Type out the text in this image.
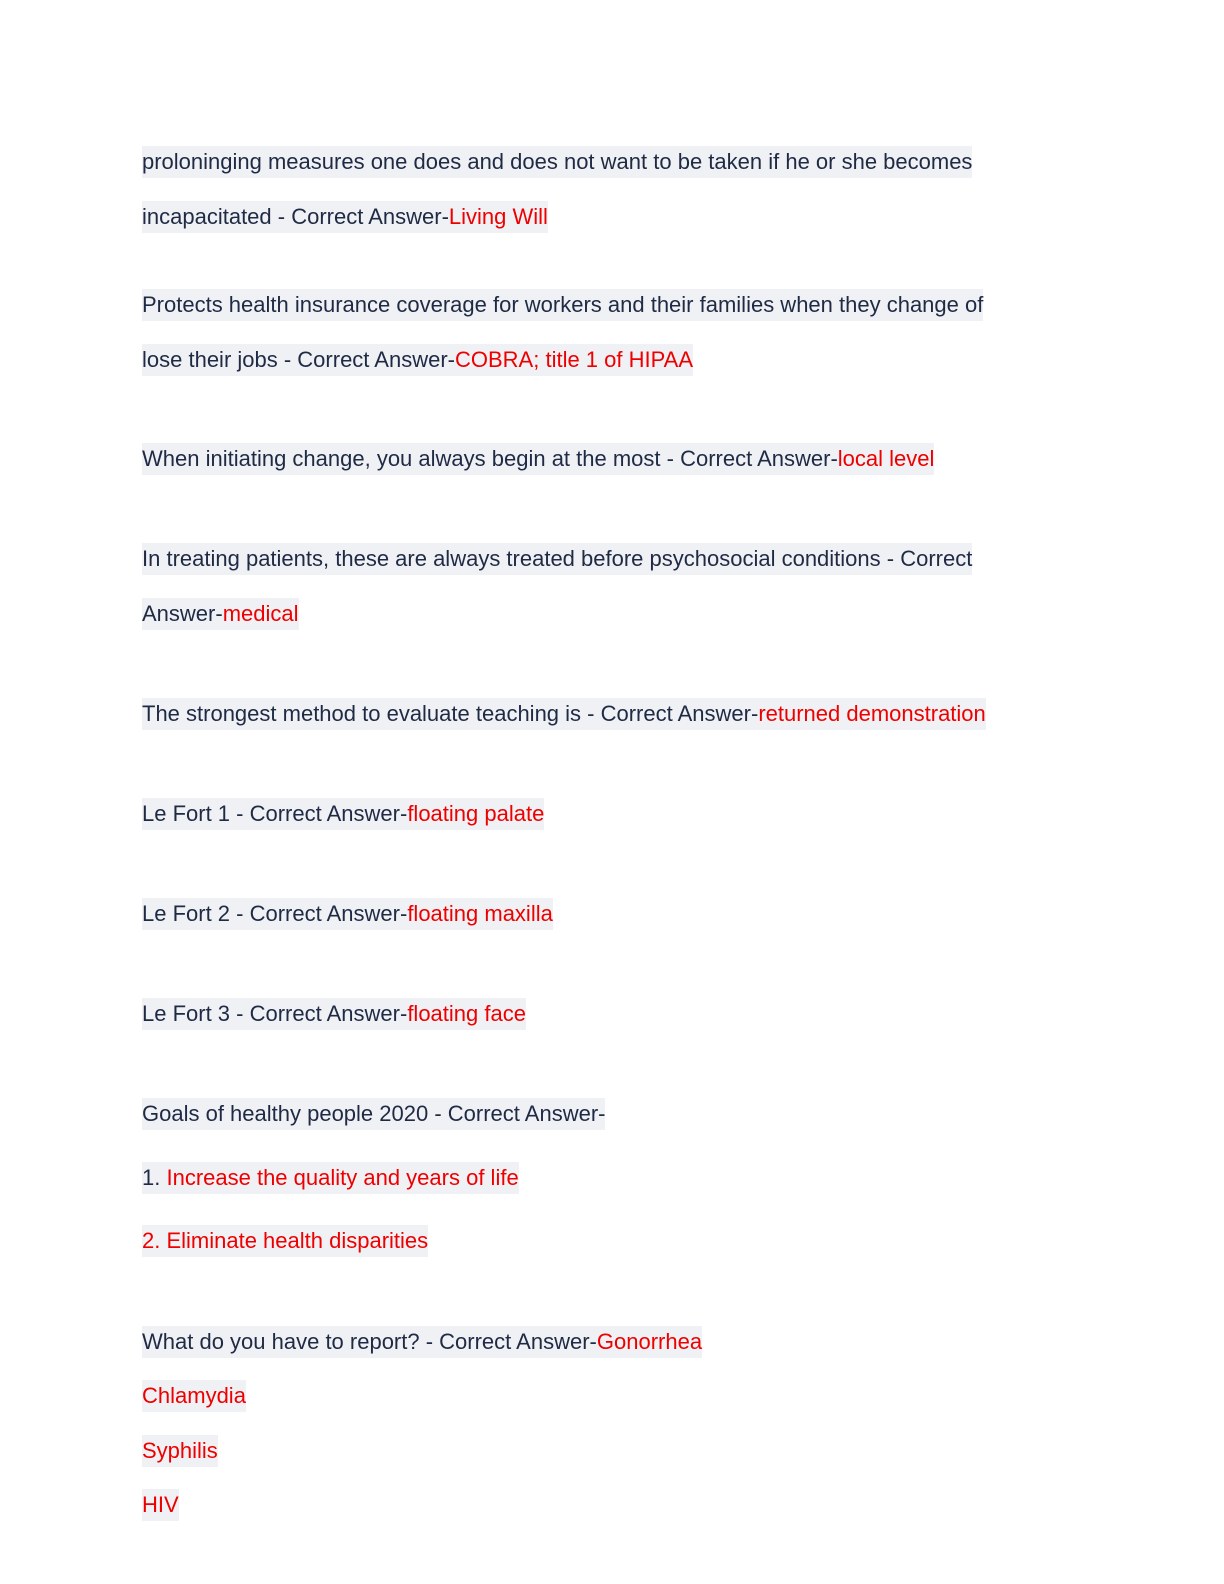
proloninging measures one does and does not want to be taken if he or she becomes
incapacitated - Correct Answer-Living Will
Protects health insurance coverage for workers and their families when they change of
lose their jobs - Correct Answer-COBRA; title 1 of HIPAA
When initiating change, you always begin at the most - Correct Answer-local level
In treating patients, these are always treated before psychosocial conditions - Correct
Answer-medical
The strongest method to evaluate teaching is - Correct Answer-returned demonstration
Le Fort 1 - Correct Answer-floating palate
Le Fort 2 - Correct Answer-floating maxilla
Le Fort 3 - Correct Answer-floating face
Goals of healthy people 2020 - Correct Answer-
1. Increase the quality and years of life
2. Eliminate health disparities
What do you have to report? - Correct Answer-Gonorrhea
Chlamydia
Syphilis
HIV
